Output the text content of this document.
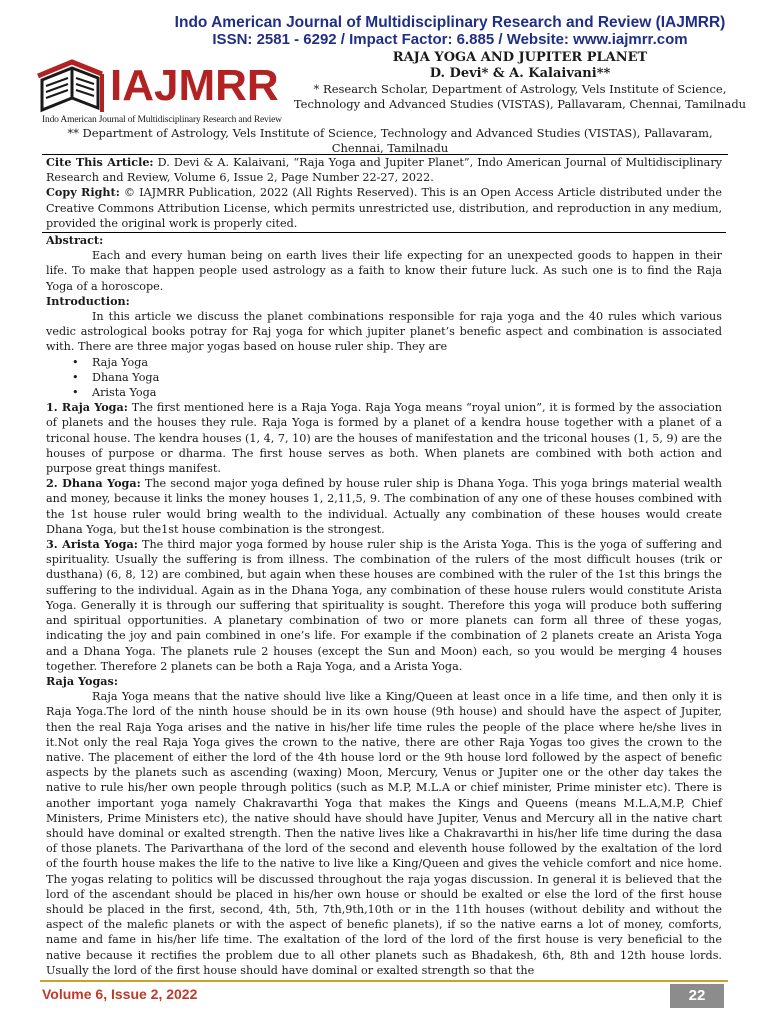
Indo American Journal of Multidisciplinary Research and Review (IAJMRR)
ISSN: 2581 - 6292 / Impact Factor: 6.885 / Website: www.iajmrr.com
IAJMRR
Indo American Journal of Multidisciplinary Research and Review
RAJA YOGA AND JUPITER PLANET
D. Devi* & A. Kalaivani**
* Research Scholar, Department of Astrology, Vels Institute of Science, Technology and Advanced Studies (VISTAS), Pallavaram, Chennai, Tamilnadu
** Department of Astrology, Vels Institute of Science, Technology and Advanced Studies (VISTAS), Pallavaram, Chennai, Tamilnadu

Cite This Article: D. Devi & A. Kalaivani, “Raja Yoga and Jupiter Planet”, Indo American Journal of Multidisciplinary Research and Review, Volume 6, Issue 2, Page Number 22-27, 2022.

Copy Right: © IAJMRR Publication, 2022 (All Rights Reserved). This is an Open Access Article distributed under the Creative Commons Attribution License, which permits unrestricted use, distribution, and reproduction in any medium, provided the original work is properly cited.

Abstract:

Each and every human being on earth lives their life expecting for an unexpected goods to happen in their life. To make that happen people used astrology as a faith to know their future luck. As such one is to find the Raja Yoga of a horoscope.

Introduction:

In this article we discuss the planet combinations responsible for raja yoga and the 40 rules which various vedic astrological books potray for Raj yoga for which jupiter planet’s benefic aspect and combination is associated with. There are three major yogas based on house ruler ship. They are

• Raja Yoga
• Dhana Yoga
• Arista Yoga

1. Raja Yoga: The first mentioned here is a Raja Yoga. Raja Yoga means “royal union”, it is formed by the association of planets and the houses they rule. Raja Yoga is formed by a planet of a kendra house together with a planet of a triconal house. The kendra houses (1, 4, 7, 10) are the houses of manifestation and the triconal houses (1, 5, 9) are the houses of purpose or dharma. The first house serves as both. When planets are combined with both action and purpose great things manifest.

2. Dhana Yoga: The second major yoga defined by house ruler ship is Dhana Yoga. This yoga brings material wealth and money, because it links the money houses 1, 2,11,5, 9. The combination of any one of these houses combined with the 1st house ruler would bring wealth to the individual. Actually any combination of these houses would create Dhana Yoga, but the1st house combination is the strongest.

3. Arista Yoga: The third major yoga formed by house ruler ship is the Arista Yoga. This is the yoga of suffering and spirituality. Usually the suffering is from illness. The combination of the rulers of the most difficult houses (trik or dusthana) (6, 8, 12) are combined, but again when these houses are combined with the ruler of the 1st this brings the suffering to the individual. Again as in the Dhana Yoga, any combination of these house rulers would constitute Arista Yoga. Generally it is through our suffering that spirituality is sought. Therefore this yoga will produce both suffering and spiritual opportunities. A planetary combination of two or more planets can form all three of these yogas, indicating the joy and pain combined in one’s life. For example if the combination of 2 planets create an Arista Yoga and a Dhana Yoga. The planets rule 2 houses (except the Sun and Moon) each, so you would be merging 4 houses together. Therefore 2 planets can be both a Raja Yoga, and a Arista Yoga.

Raja Yogas:

Raja Yoga means that the native should live like a King/Queen at least once in a life time, and then only it is Raja Yoga.The lord of the ninth house should be in its own house (9th house) and should have the aspect of Jupiter, then the real Raja Yoga arises and the native in his/her life time rules the people of the place where he/she lives in it.Not only the real Raja Yoga gives the crown to the native, there are other Raja Yogas too gives the crown to the native. The placement of either the lord of the 4th house lord or the 9th house lord followed by the aspect of benefic aspects by the planets such as ascending (waxing) Moon, Mercury, Venus or Jupiter one or the other day takes the native to rule his/her own people through politics (such as M.P, M.L.A or chief minister, Prime minister etc). There is another important yoga namely Chakravarthi Yoga that makes the Kings and Queens (means M.L.A,M.P, Chief Ministers, Prime Ministers etc), the native should have should have Jupiter, Venus and Mercury all in the native chart should have dominal or exalted strength. Then the native lives like a Chakravarthi in his/her life time during the dasa of those planets. The Parivarthana of the lord of the second and eleventh house followed by the exaltation of the lord of the fourth house makes the life to the native to live like a King/Queen and gives the vehicle comfort and nice home. The yogas relating to politics will be discussed throughout the raja yogas discussion. In general it is believed that the lord of the ascendant should be placed in his/her own house or should be exalted or else the lord of the first house should be placed in the first, second, 4th, 5th, 7th,9th,10th or in the 11th houses (without debility and without the aspect of the malefic planets or with the aspect of benefic planets), if so the native earns a lot of money, comforts, name and fame in his/her life time. The exaltation of the lord of the lord of the first house is very beneficial to the native because it rectifies the problem due to all other planets such as Bhadakesh, 6th, 8th and 12th house lords. Usually the lord of the first house should have dominal or exalted strength so that the

Volume 6, Issue 2, 2022	22
